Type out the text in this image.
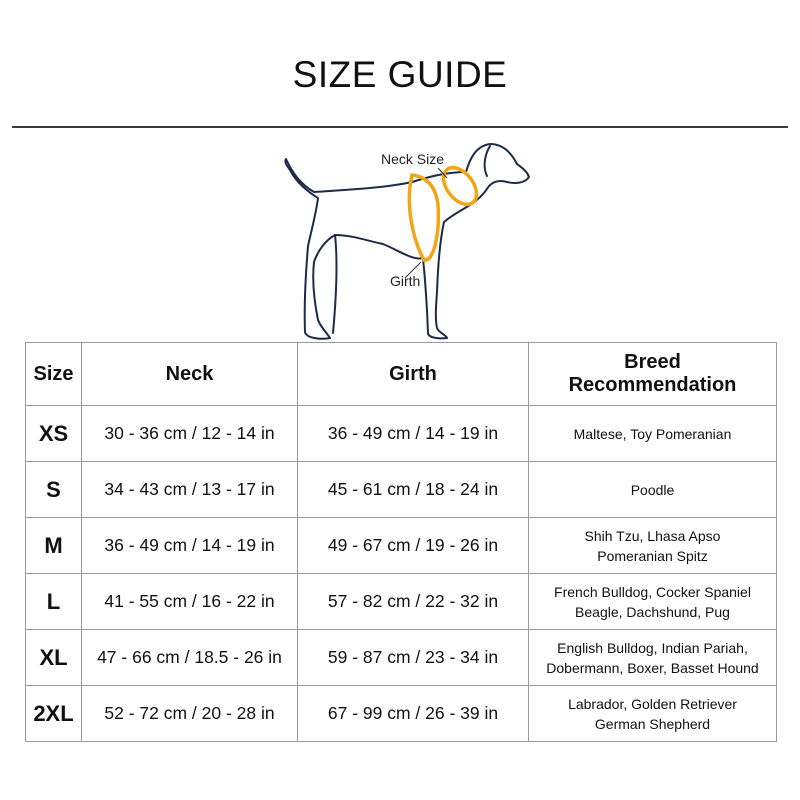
SIZE GUIDE
Neck Size
Girth
Size	Neck	Girth	Breed
Recommendation

XS	30 - 36 cm / 12 - 14 in	36 - 49 cm / 14 - 19 in	Maltese, Toy Pomeranian

S	34 - 43 cm / 13 - 17 in	45 - 61 cm / 18 - 24 in	Poodle

M	36 - 49 cm / 14 - 19 in	49 - 67 cm / 19 - 26 in	Shih Tzu, Lhasa Apso
Pomeranian Spitz

L	41 - 55 cm / 16 - 22 in	57 - 82 cm / 22 - 32 in	French Bulldog, Cocker Spaniel
Beagle, Dachshund, Pug

XL	47 - 66 cm / 18.5 - 26 in	59 - 87 cm / 23 - 34 in	English Bulldog, Indian Pariah,
Dobermann, Boxer, Basset Hound

2XL	52 - 72 cm / 20 - 28 in	67 - 99 cm / 26 - 39 in	Labrador, Golden Retriever
German Shepherd
